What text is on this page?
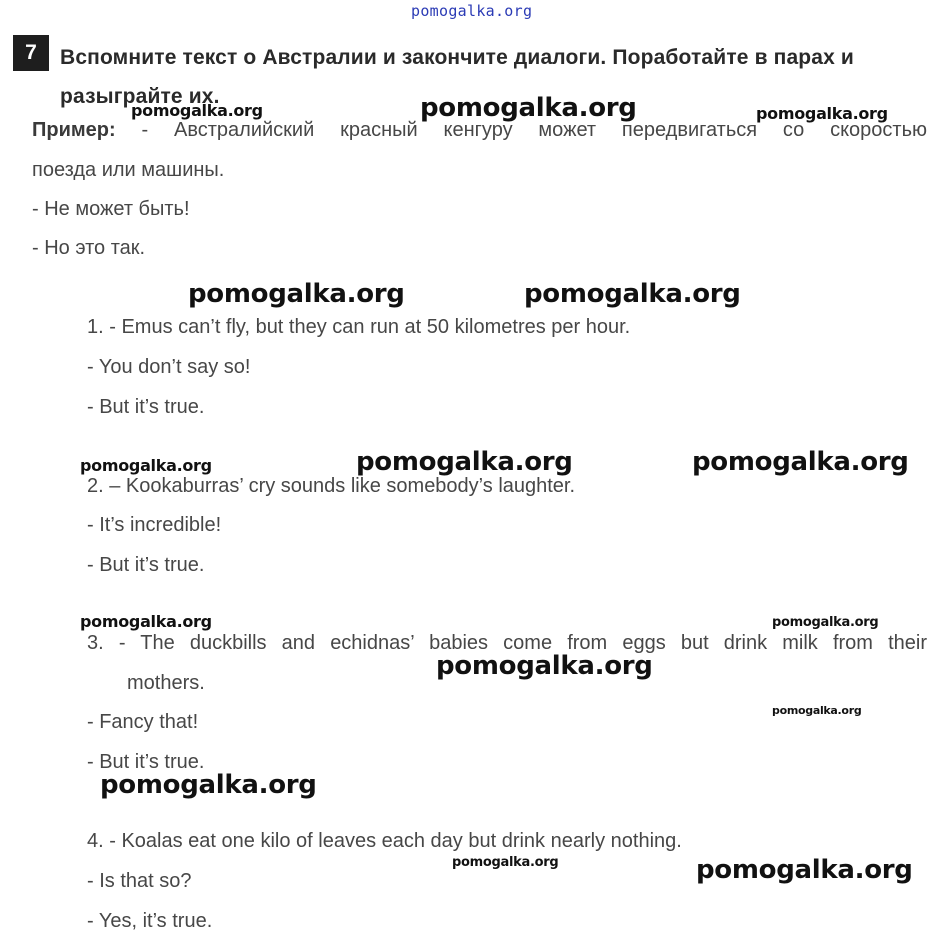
pomogalka.org
7	Вспомните текст о Австралии и закончите диалоги. Поработайте в парах и разыграйте их.
Пример: - Австралийский красный кенгуру может передвигаться со скоростью
поезда или машины.
- Не может быть!
- Но это так.
1. - Emus can’t fly, but they can run at 50 kilometres per hour.
- You don’t say so!
- But it’s true.
2. – Kookaburras’ cry sounds like somebody’s laughter.
- It’s incredible!
- But it’s true.
3. - The duckbills and echidnas’ babies come from eggs but drink milk from their
mothers.
- Fancy that!
- But it’s true.
4. - Koalas eat one kilo of leaves each day but drink nearly nothing.
- Is that so?
- Yes, it’s true.
pomogalka.org	pomogalka.org	pomogalka.org
pomogalka.org	pomogalka.org
pomogalka.org	pomogalka.org	pomogalka.org
pomogalka.org	pomogalka.org
pomogalka.org
pomogalka.org
pomogalka.org
pomogalka.org	pomogalka.org
